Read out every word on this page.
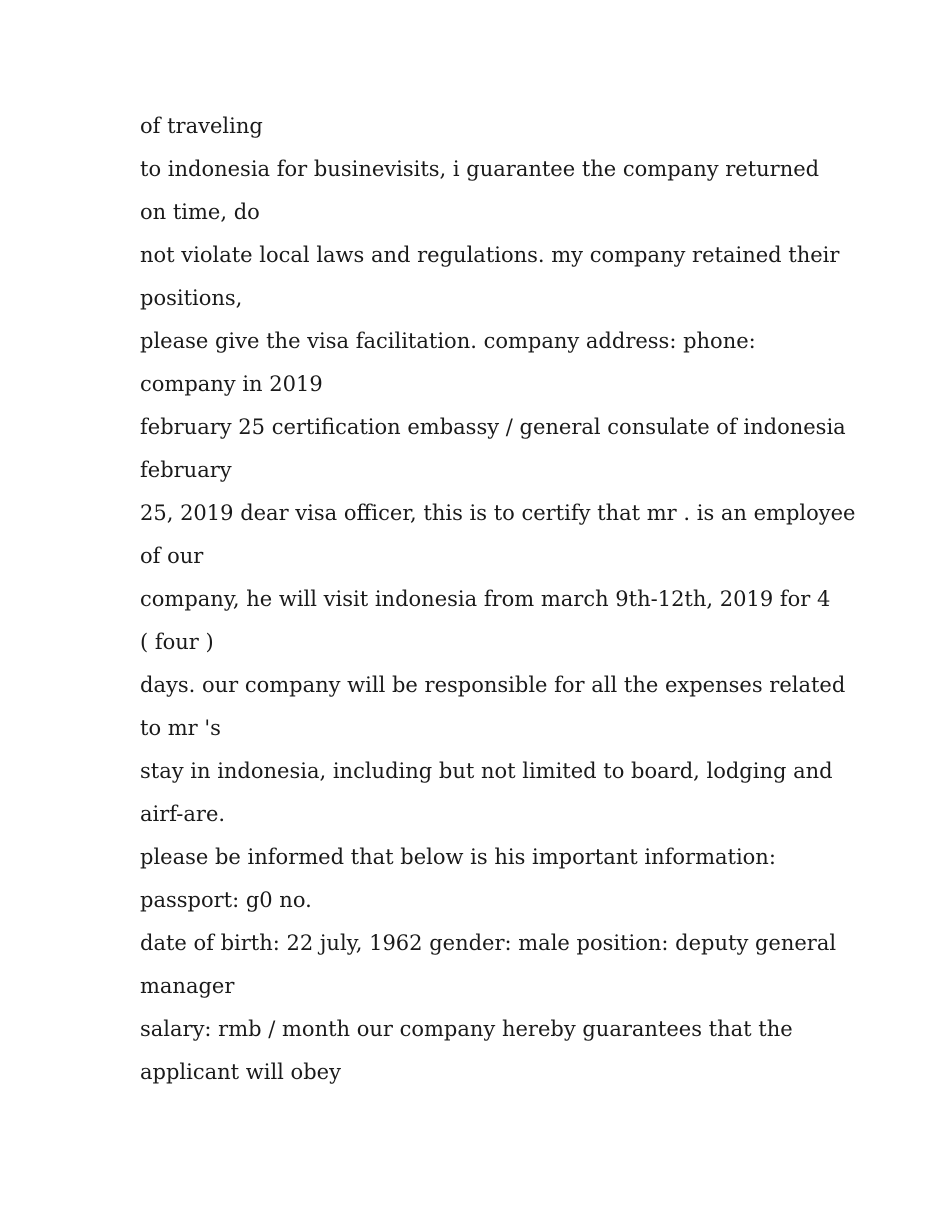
of traveling

to indonesia for businevisits, i guarantee the company returned

on time, do

not violate local laws and regulations. my company retained their

positions,

please give the visa facilitation. company address: phone:

company in 2019

february 25 certification embassy / general consulate of indonesia

february

25, 2019 dear visa officer, this is to certify that mr . is an employee

of our

company, he will visit indonesia from march 9th-12th, 2019 for 4

( four )

days. our company will be responsible for all the expenses related

to mr 's

stay in indonesia, including but not limited to board, lodging and

airf-are.

please be informed that below is his important information:

passport: g0 no.

date of birth: 22 july, 1962 gender: male position: deputy general

manager

salary: rmb / month our company hereby guarantees that the

applicant will obey
